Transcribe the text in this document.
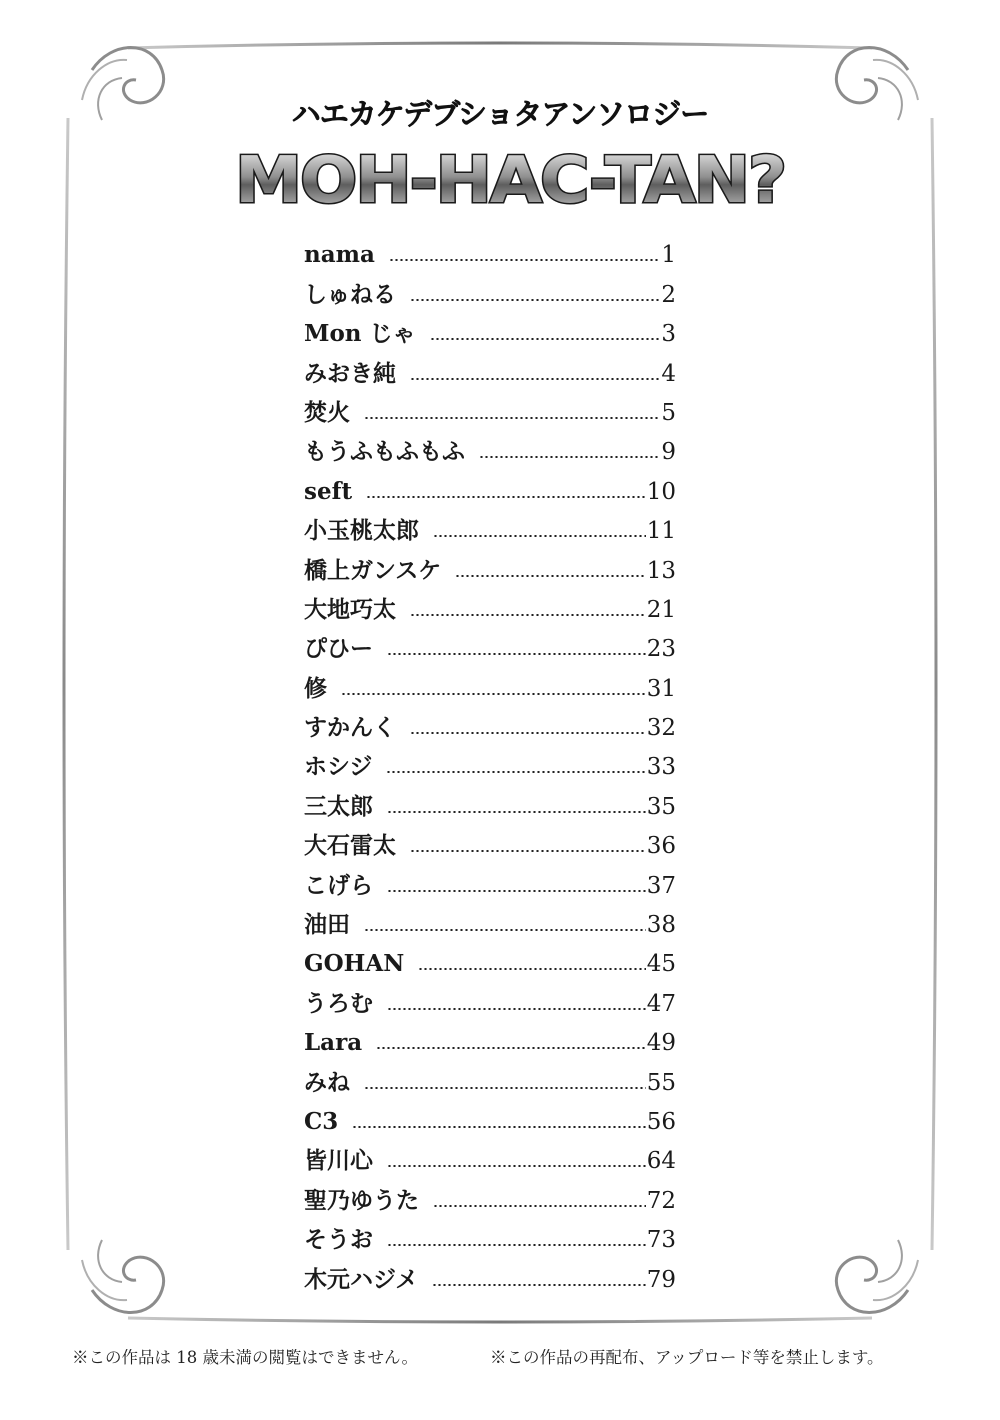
ハエカケデブショタアンソロジー
MOH-HAC-TAN?
nama	1
しゅねる	2
Mon じゃ	3
みおき純	4
焚火	5
もうふもふもふ	9
seft	10
小玉桃太郎	11
橋上ガンスケ	13
大地巧太	21
ぴひー	23
修	31
すかんく	32
ホシジ	33
三太郎	35
大石雷太	36
こげら	37
油田	38
GOHAN	45
うろむ	47
Lara	49
みね	55
C3	56
皆川心	64
聖乃ゆうた	72
そうお	73
木元ハジメ	79
※この作品は 18 歳未満の閲覧はできません。	※この作品の再配布、アップロード等を禁止します。
